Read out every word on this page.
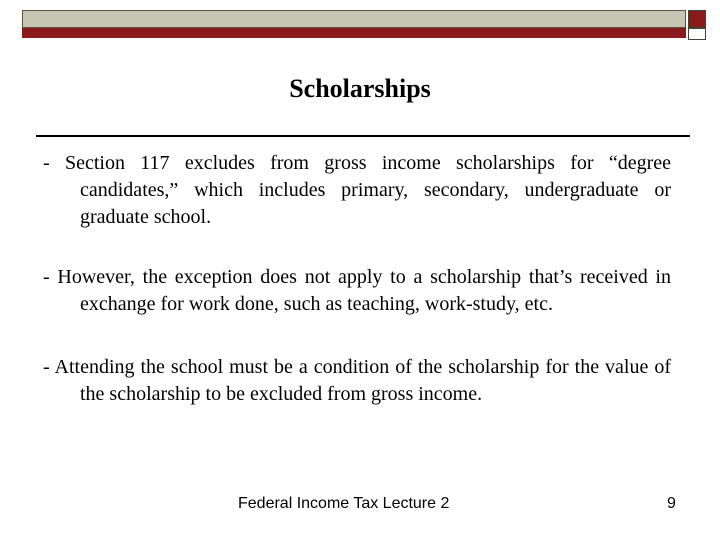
Scholarships
- Section 117 excludes from gross income scholarships for “degree candidates,” which includes primary, secondary, undergraduate or graduate school.
- However, the exception does not apply to a scholarship that’s received in exchange for work done, such as teaching, work-study, etc.
- Attending the school must be a condition of the scholarship for the value of the scholarship to be excluded from gross income.
Federal Income Tax Lecture 2	9
